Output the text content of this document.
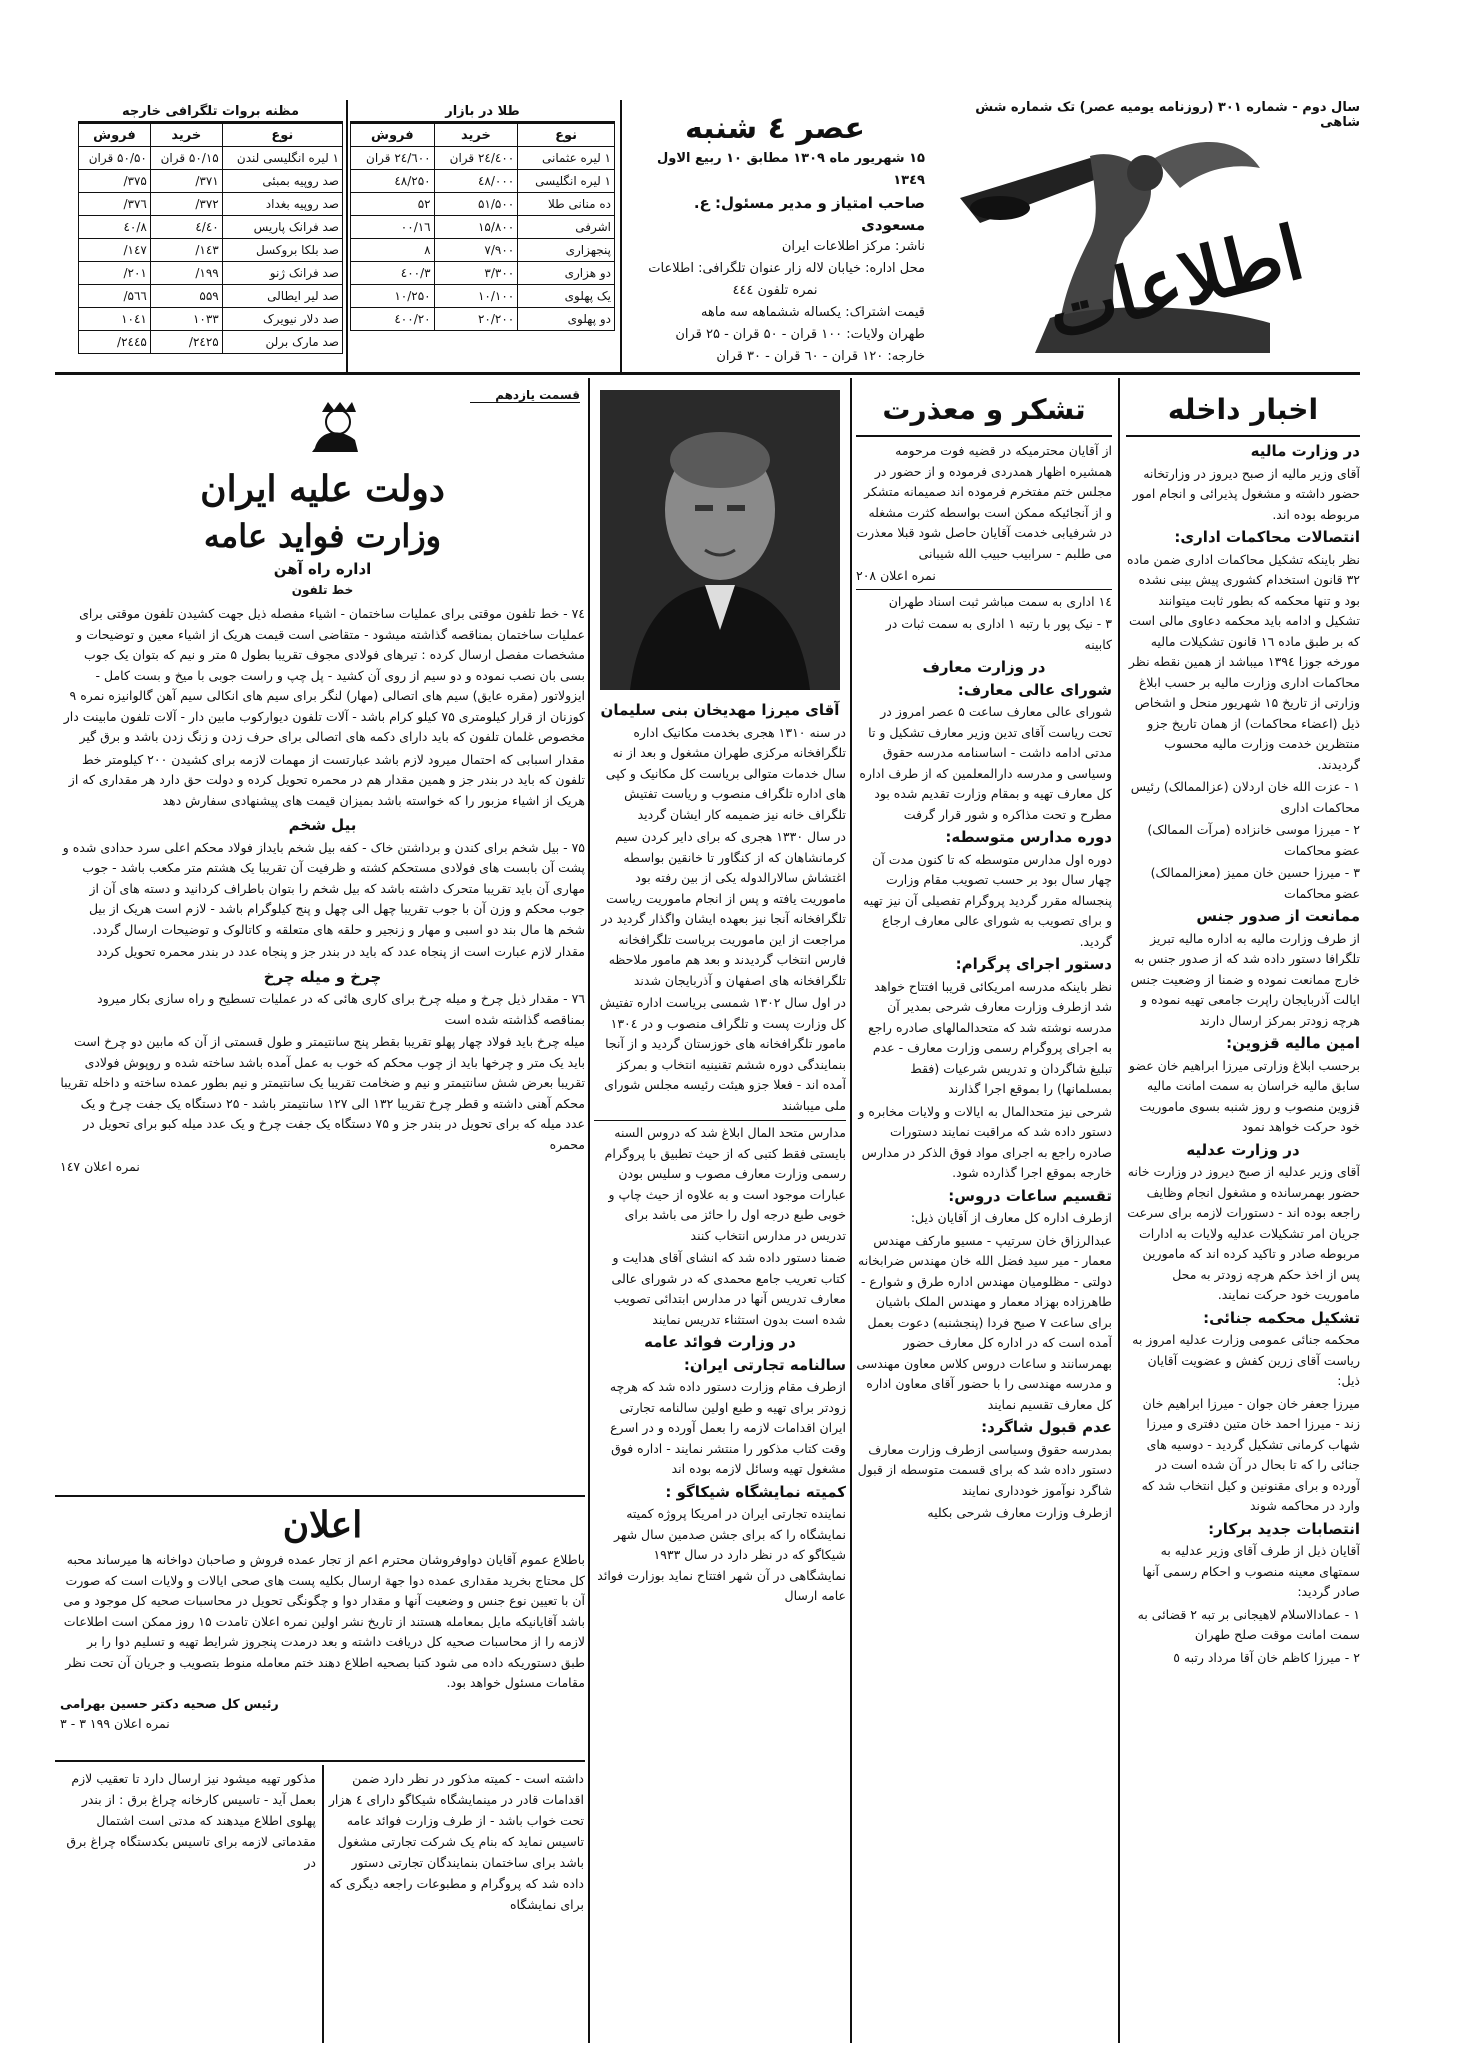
سال دوم - شماره ۳۰۱ (روزنامه یومیه عصر) تک شماره شش شاهی
اطلاعات
عصر ٤ شنبه
۱۵ شهریور ماه ۱۳۰۹ مطابق ۱۰ ربیع الاول ۱۳٤۹
صاحب امتیاز و مدیر مسئول: ع. مسعودی
ناشر: مرکز اطلاعات ایران
محل اداره: خیابان لاله زار عنوان تلگرافی: اطلاعات
نمره تلفون ٤٤٤
قیمت اشتراک: یکساله ششماهه سه ماهه
طهران ولایات: ۱۰۰ قران - ۵۰ قران - ۲۵ قران
خارجه: ۱۲۰ قران - ٦۰ قران - ۳۰ قران
طلا در بازار
نوع	خرید	فروش
۱ لیره عثمانی	۲٤/٤۰۰ قران	۲٤/٦۰۰ قران
۱ لیره انگلیسی	٤۸/۰۰۰	٤۸/۲۵۰
ده منانی طلا	۵۱/۵۰۰	۵۲
اشرفی	۱۵/۸۰۰	۱٦/۰۰
پنجهزاری	۷/۹۰۰	۸
دو هزاری	۳/۳۰۰	۳/٤۰۰
یک پهلوی	۱۰/۱۰۰	۱۰/۲۵۰
دو پهلوی	۲۰/۲۰۰	۲۰/٤۰۰
مظنه بروات تلگرافی خارجه
نوع	خرید	فروش
۱ لیره انگلیسی لندن	۵۰/۱۵ قران	۵۰/۵۰ قران
صد روپیه بمبئی	۳۷۱/	۳۷۵/
صد روپیه بغداد	۳۷۲/	۳۷٦/
صد فرانک پاریس	٤۰/٤	٤۰/۸
صد بلکا بروکسل	۱٤۳/	۱٤۷/
صد فرانک ژنو	۱۹۹/	۲۰۱/
صد لیر ایطالی	۵۵۹	۵٦٦/
صد دلار نیویرک	۱۰۳۳	۱۰٤۱
صد مارک برلن	۲٤۲۵/	۲٤٤۵/
اخبار داخله

در وزارت مالیه

آقای وزیر مالیه از صبح دیروز در وزارتخانه حضور داشته و مشغول پذیرائی و انجام امور مربوطه بوده اند.

انتصالات محاکمات اداری:

نظر باینکه تشکیل محاکمات اداری ضمن ماده ۳۲ قانون استخدام کشوری پیش بینی نشده بود و تنها محکمه که بطور ثابت میتوانند تشکیل و ادامه باید محکمه دعاوی مالی است که بر طبق ماده ۱٦ قانون تشکیلات مالیه مورخه جوزا ۱۳۹٤ میباشد از همین نقطه نظر محاکمات اداری وزارت مالیه بر حسب ابلاغ وزارتی از تاریخ ۱۵ شهریور منحل و اشخاص ذیل (اعضاء محاکمات) از همان تاریخ جزو منتظرین خدمت وزارت مالیه محسوب گردیدند.

۱ - عزت الله خان اردلان (عزالممالک) رئیس محاکمات اداری

۲ - میرزا موسی خانزاده (مرآت الممالک) عضو محاکمات

۳ - میرزا حسین خان ممیز (معزالممالک) عضو محاکمات

ممانعت از صدور جنس

از طرف وزارت مالیه به اداره مالیه تبریز تلگرافا دستور داده شد که از صدور جنس به خارج ممانعت نموده و ضمنا از وضعیت جنس ایالت آذربایجان راپرت جامعی تهیه نموده و هرچه زودتر بمرکز ارسال دارند

امین مالیه قزوین:

برحسب ابلاغ وزارتی میرزا ابراهیم خان عضو سابق مالیه خراسان به سمت امانت مالیه قزوین منصوب و روز شنبه بسوی ماموریت خود حرکت خواهد نمود

در وزارت عدلیه

آقای وزیر عدلیه از صبح دیروز در وزارت خانه حضور بهمرسانده و مشغول انجام وظایف راجعه بوده اند - دستورات لازمه برای سرعت جریان امر تشکیلات عدلیه ولایات به ادارات مربوطه صادر و تاکید کرده اند که مامورین پس از اخذ حکم هرچه زودتر به محل ماموریت خود حرکت نمایند.

تشکیل محکمه جنائی:

محکمه جنائی عمومی وزارت عدلیه امروز به ریاست آقای زرین کفش و عضویت آقایان ذیل:

میرزا جعفر خان جوان - میرزا ابراهیم خان زند - میرزا احمد خان متین دفتری و میرزا شهاب کرمانی تشکیل گردید - دوسیه های جنائی را که تا بحال در آن شده است در آورده و برای مقنونین و کیل انتخاب شد که وارد در محاکمه شوند

انتصابات جدید برکار:

آقایان ذیل از طرف آقای وزیر عدلیه به سمتهای معینه منصوب و احکام رسمی آنها صادر گردید:

۱ - عمادالاسلام لاهیجانی بر تبه ۲ قضائی به سمت امانت موقت صلح طهران

۲ - میرزا کاظم خان آقا مرداد رتبه ٥

تشکر و معذرت

از آقایان محترمیکه در قضیه فوت مرحومه همشیره اظهار همدردی فرموده و از حضور در مجلس ختم مفتخرم فرموده اند صمیمانه متشکر و از آنجائیکه ممکن است بواسطه کثرت مشغله در شرفیابی خدمت آقایان حاصل شود قبلا معذرت می طلبم - سرابیب حبیب الله شیبانی

نمره اعلان ۲۰۸

۱٤ اداری به سمت مباشر ثبت اسناد طهران

۳ - نیک پور با رتبه ۱ اداری به سمت ثبات در کابینه

در وزارت معارف

شورای عالی معارف:

شورای عالی معارف ساعت ۵ عصر امروز در تحت ریاست آقای تدین وزیر معارف تشکیل و تا مدتی ادامه داشت - اساسنامه مدرسه حقوق وسیاسی و مدرسه دارالمعلمین که از طرف اداره کل معارف تهیه و بمقام وزارت تقدیم شده بود مطرح و تحت مذاکره و شور قرار گرفت

دوره مدارس متوسطه:

دوره اول مدارس متوسطه که تا کنون مدت آن چهار سال بود بر حسب تصویب مقام وزارت پنجساله مقرر گردید پروگرام تفصیلی آن نیز تهیه و برای تصویب به شورای عالی معارف ارجاع گردید.

دستور اجرای پرگرام:

نظر باینکه مدرسه امریکائی قریبا افتتاح خواهد شد ازطرف وزارت معارف شرحی بمدیر آن مدرسه نوشته شد که متحدالمالهای صادره راجع به اجرای پروگرام رسمی وزارت معارف - عدم تبلیغ شاگردان و تدریس شرعیات (فقط بمسلمانها) را بموقع اجرا گذارند

شرحی نیز متحدالمال به ایالات و ولایات مخابره و دستور داده شد که مراقبت نمایند دستورات صادره راجع به اجرای مواد فوق الذکر در مدارس خارجه بموقع اجرا گذارده شود.

تقسیم ساعات دروس:

ازطرف اداره کل معارف از آقایان ذیل:

عبدالرزاق خان سرتیپ - مسیو مارکف مهندس معمار - میر سید فضل الله خان مهندس ضرابخانه دولتی - مظلومیان مهندس اداره طرق و شوارع - طاهرزاده بهزاد معمار و مهندس الملک باشیان برای ساعت ۷ صبح فردا (پنجشنبه) دعوت بعمل آمده است که در اداره کل معارف حضور بهمرسانند و ساعات دروس کلاس معاون مهندسی و مدرسه مهندسی را با حضور آقای معاون اداره کل معارف تقسیم نمایند

عدم قبول شاگرد:

بمدرسه حقوق وسیاسی ازطرف وزارت معارف دستور داده شد که برای قسمت متوسطه از قبول شاگرد نوآموز خودداری نمایند

ازطرف وزارت معارف شرحی بکلیه

آقای میرزا مهدیخان بنی سلیمان

در سنه ۱۳۱۰ هجری بخدمت مکانیک اداره تلگرافخانه مرکزی طهران مشغول و بعد از نه سال خدمات متوالی بریاست کل مکانیک و کپی های اداره تلگراف منصوب و ریاست تفتیش تلگراف خانه نیز ضمیمه کار ایشان گردید

در سال ۱۳۳۰ هجری که برای دایر کردن سیم کرمانشاهان که از کنگاور تا خانقین بواسطه اغتشاش سالارالدوله یکی از بین رفته بود ماموریت یافته و پس از انجام ماموریت ریاست تلگرافخانه آنجا نیز بعهده ایشان واگذار گردید در مراجعت از این ماموریت بریاست تلگرافخانه فارس انتخاب گردیدند و بعد هم مامور ملاحظه تلگرافخانه های اصفهان و آذربایجان شدند

در اول سال ۱۳۰۲ شمسی بریاست اداره تفتیش کل وزارت پست و تلگراف منصوب و در ۱۳۰٤ مامور تلگرافخانه های خوزستان گردید و از آنجا بنمایندگی دوره ششم تقنینیه انتخاب و بمرکز آمده اند - فعلا جزو هیئت رئیسه مجلس شورای ملی میباشند

مدارس متحد المال ابلاغ شد که دروس السنه بایستی فقط کتبی که از حیث تطبیق با پروگرام رسمی وزارت معارف مصوب و سلیس بودن عبارات موجود است و به علاوه از حیث چاپ و خوبی طبع درجه اول را حائز می باشد برای تدریس در مدارس انتخاب کنند

ضمنا دستور داده شد که انشای آقای هدایت و کتاب تعریب جامع محمدی که در شورای عالی معارف تدریس آنها در مدارس ابتدائی تصویب شده است بدون استثناء تدریس نمایند

در وزارت فوائد عامه

سالنامه تجارتی ایران:

ازطرف مقام وزارت دستور داده شد که هرچه زودتر برای تهیه و طبع اولین سالنامه تجارتی ایران اقدامات لازمه را بعمل آورده و در اسرع وقت کتاب مذکور را منتشر نمایند - اداره فوق مشغول تهیه وسائل لازمه بوده اند

کمیته نمایشگاه شیکاگو :

نماینده تجارتی ایران در امریکا پروژه کمیته نمایشگاه را که برای جشن صدمین سال شهر شیکاگو که در نظر دارد در سال ۱۹۳۳ نمایشگاهی در آن شهر افتتاح نماید بوزارت فوائد عامه ارسال

قسمت یازدهم
دولت علیه ایران
وزارت فواید عامه
اداره راه آهن
خط تلفون

٧٤ - خط تلفون موقتی برای عملیات ساختمان - اشیاء مفصله ذیل جهت کشیدن تلفون موقتی برای عملیات ساختمان بمناقصه گذاشته میشود - متقاضی است قیمت هریک از اشیاء معین و توضیحات و مشخصات مفصل ارسال کرده : تیرهای فولادی مجوف تقریبا بطول ۵ متر و نیم که بتوان یک جوب بسی بان نصب نموده و دو سیم از روی آن کشید - پل چپ و راست جوبی با میخ و بست کامل - ایزولاتور (مقره عایق) سیم های اتصالی (مهار) لنگر برای سیم های انکالی سیم آهن گالوانیزه نمره ۹ کوزنان از قرار کیلومتری ۷۵ کیلو کرام باشد - آلات تلفون دیوارکوب مابین دار - آلات تلفون مابینت دار مخصوص غلمان تلفون که باید دارای دکمه های اتصالی برای حرف زدن و زنگ زدن باشد و برق گیر

مقدار اسبابی که احتمال میرود لازم باشد عبارتست از مهمات لازمه برای کشیدن ۲۰۰ کیلومتر خط تلفون که باید در بندر جز و همین مقدار هم در محمره تحویل کرده و دولت حق دارد هر مقداری که از هریک از اشیاء مزبور را که خواسته باشد بمیزان قیمت های پیشنهادی سفارش دهد

بیل شخم

۷۵ - بیل شخم برای کندن و برداشتن خاک - کفه بیل شخم بایداز فولاد محکم اعلی سرد حدادی شده و پشت آن بابست های فولادی مستحکم کشته و ظرفیت آن تقریبا یک هشتم متر مکعب باشد - جوب مهاری آن باید تقریبا متحرک داشته باشد که بیل شخم را بتوان باطراف کردانید و دسته های آن از جوب محکم و وزن آن با جوب تقریبا چهل الی چهل و پنج کیلوگرام باشد - لازم است هریک از بیل شخم ها مال بند دو اسبی و مهار و زنجیر و حلقه های متعلقه و کاتالوک و توضیحات ارسال گردد.

مقدار لازم عبارت است از پنجاه عدد که باید در بندر جز و پنجاه عدد در بندر محمره تحویل کردد

چرخ و میله چرخ

۷٦ - مقدار ذیل چرخ و میله چرخ برای کاری هائی که در عملیات تسطیح و راه سازی بکار میرود بمناقصه گذاشته شده است

میله چرخ باید فولاد چهار پهلو تقریبا بقطر پنج سانتیمتر و طول قسمتی از آن که مابین دو چرخ است باید یک متر و چرخها باید از چوب محکم که خوب به عمل آمده باشد ساخته شده و روپوش فولادی تقریبا بعرض شش سانتیمتر و نیم و ضخامت تقریبا یک سانتیمتر و نیم بطور عمده ساخته و داخله تقریبا محکم آهنی داشته و قطر چرخ تقریبا ۱۳۲ الی ۱۲۷ سانتیمتر باشد - ۲۵ دستگاه یک جفت چرخ و یک عدد میله که برای تحویل در بندر جز و ۷۵ دستگاه یک جفت چرخ و یک عدد میله کبو برای تحویل در محمره

نمره اعلان ۱٤۷

اعلان

باطلاع عموم آقایان دواوفروشان محترم اعم از تجار عمده فروش و صاحبان دواخانه ها میرساند محبه کل محتاج بخرید مقداری عمده دوا جهة ارسال بکلیه پست های صحی ایالات و ولایات است که صورت آن با تعیین نوع جنس و وضعیت آنها و مقدار دوا و چگونگی تحویل در محاسبات صحیه کل موجود و می باشد آقایانیکه مایل بمعامله هستند از تاریخ نشر اولین نمره اعلان تامدت ۱۵ روز ممکن است اطلاعات لازمه را از محاسبات صحیه کل دریافت داشته و بعد درمدت پنجروز شرایط تهیه و تسلیم دوا را بر طبق دستوریکه داده می شود کتبا بصحیه اطلاع دهند ختم معامله منوط بتصویب و جریان آن تحت نظر مقامات مسئول خواهد بود.

رئیس کل صحیه دکتر حسین بهرامی

نمره اعلان ۱۹۹ ۳ - ۳

داشته است - کمیته مذکور در نظر دارد ضمن اقدامات قادر در مینمایشگاه شیکاگو دارای ٤ هزار تحت خواب باشد - از طرف وزارت فوائد عامه تاسیس نماید که بنام یک شرکت تجارتی مشغول باشد برای ساختمان بنمایندگان تجارتی دستور داده شد که پروگرام و مطبوعات راجعه دیگری که برای نمایشگاه

مذکور تهیه میشود نیز ارسال دارد تا تعقیب لازم بعمل آید - تاسیس کارخانه چراغ برق : از بندر پهلوی اطلاع میدهند که مدتی است اشتمال مقدماتی لازمه برای تاسیس بکدستگاه چراغ برق در
